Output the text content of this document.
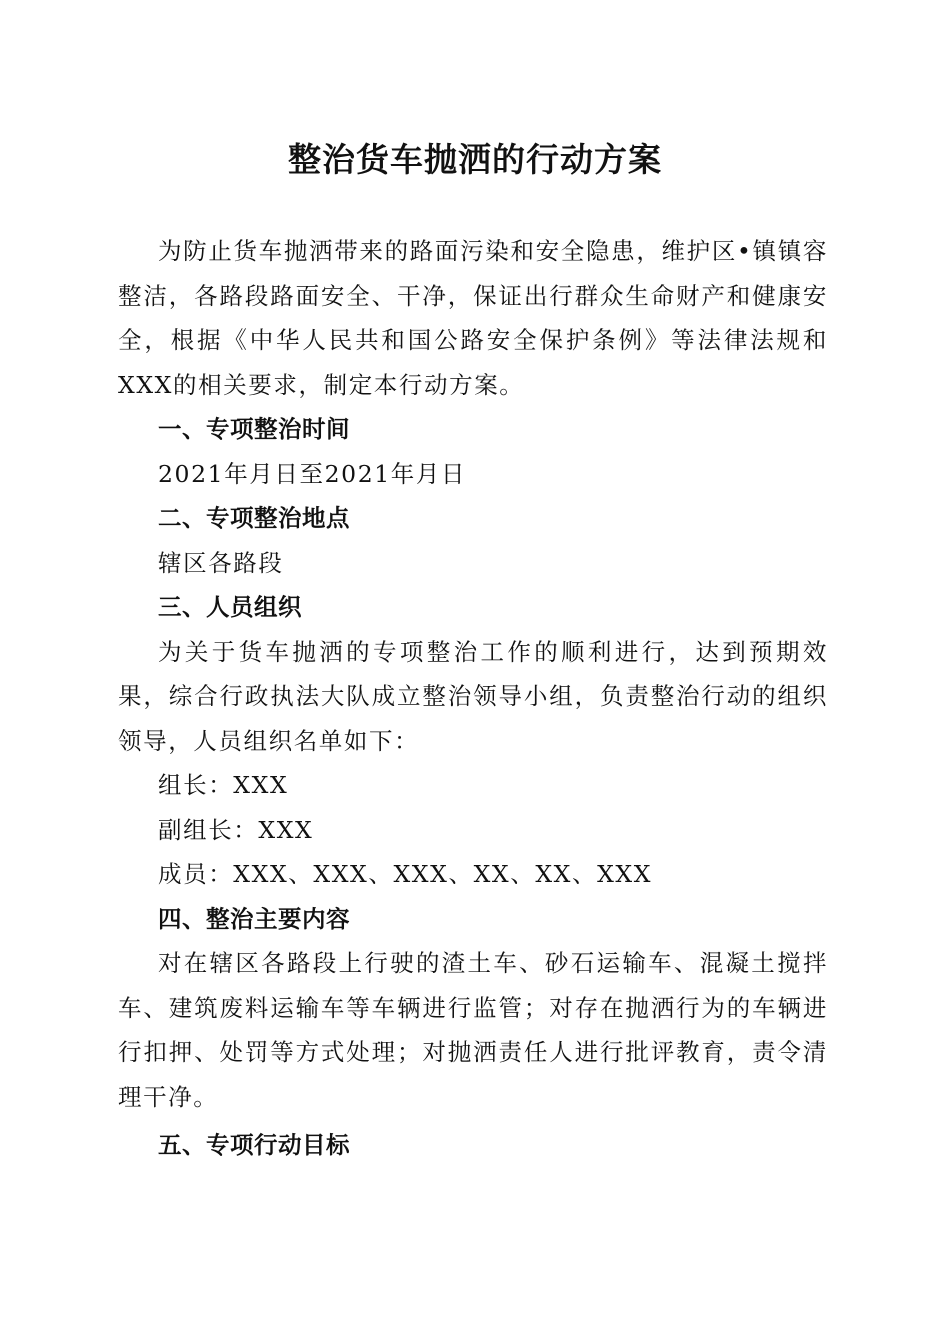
整治货车抛洒的行动方案

为防止货车抛洒带来的路面污染和安全隐患，维护区•镇镇容整洁，各路段路面安全、干净，保证出行群众生命财产和健康安全，根据《中华人民共和国公路安全保护条例》等法律法规和XXX的相关要求，制定本行动方案。

一、专项整治时间

2021年月日至2021年月日

二、专项整治地点

辖区各路段

三、人员组织

为关于货车抛洒的专项整治工作的顺利进行，达到预期效果，综合行政执法大队成立整治领导小组，负责整治行动的组织领导，人员组织名单如下：

组长：XXX

副组长：XXX

成员：XXX、XXX、XXX、XX、XX、XXX

四、整治主要内容

对在辖区各路段上行驶的渣土车、砂石运输车、混凝土搅拌车、建筑废料运输车等车辆进行监管；对存在抛洒行为的车辆进行扣押、处罚等方式处理；对抛洒责任人进行批评教育，责令清理干净。

五、专项行动目标
